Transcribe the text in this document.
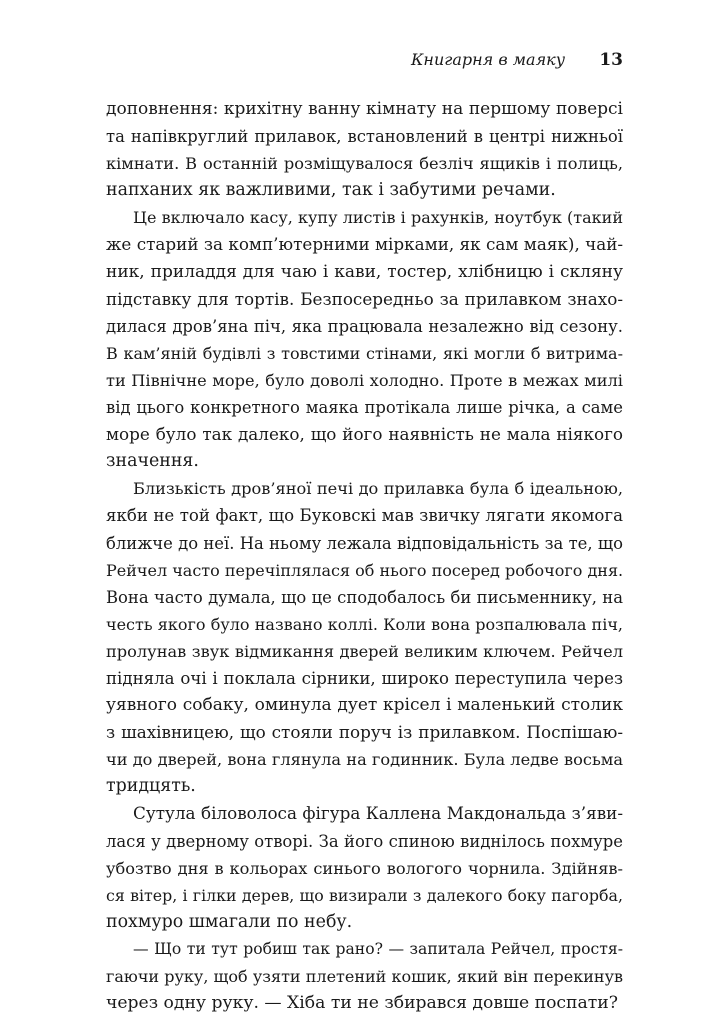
Книгарня в маяку 13
доповнення: крихітну ванну кімнату на першому поверсі
та напівкруглий прилавок, встановлений в центрі нижньої
кімнати. В останній розміщувалося безліч ящиків і полиць,
напханих як важливими, так і забутими речами.
Це включало касу, купу листів і рахунків, ноутбук (такий
же старий за комп’ютерними мірками, як сам маяк), чай-
ник, приладдя для чаю і кави, тостер, хлібницю і скляну
підставку для тортів. Безпосередньо за прилавком знахо-
дилася дров’яна піч, яка працювала незалежно від сезону.
В кам’яній будівлі з товстими стінами, які могли б витрима-
ти Північне море, було доволі холодно. Проте в межах милі
від цього конкретного маяка протікала лише річка, а саме
море було так далеко, що його наявність не мала ніякого
значення.
Близькість дров’яної печі до прилавка була б ідеальною,
якби не той факт, що Буковскі мав звичку лягати якомога
ближче до неї. На ньому лежала відповідальність за те, що
Рейчел часто перечіплялася об нього посеред робочого дня.
Вона часто думала, що це сподобалось би письменнику, на
честь якого було названо коллі. Коли вона розпалювала піч,
пролунав звук відмикання дверей великим ключем. Рейчел
підняла очі і поклала сірники, широко переступила через
уявного собаку, оминула дует крісел і маленький столик
з шахівницею, що стояли поруч із прилавком. Поспішаю-
чи до дверей, вона глянула на годинник. Була ледве восьма
тридцять.
Сутула біловолоса фігура Каллена Макдональда з’яви-
лася у дверному отворі. За його спиною виднілось похмуре
убозтво дня в кольорах синього вологого чорнила. Здійняв-
ся вітер, і гілки дерев, що визирали з далекого боку пагорба,
похмуро шмагали по небу.
— Що ти тут робиш так рано? — запитала Рейчел, простя-
гаючи руку, щоб узяти плетений кошик, який він перекинув
через одну руку. — Хіба ти не збирався довше поспати?
